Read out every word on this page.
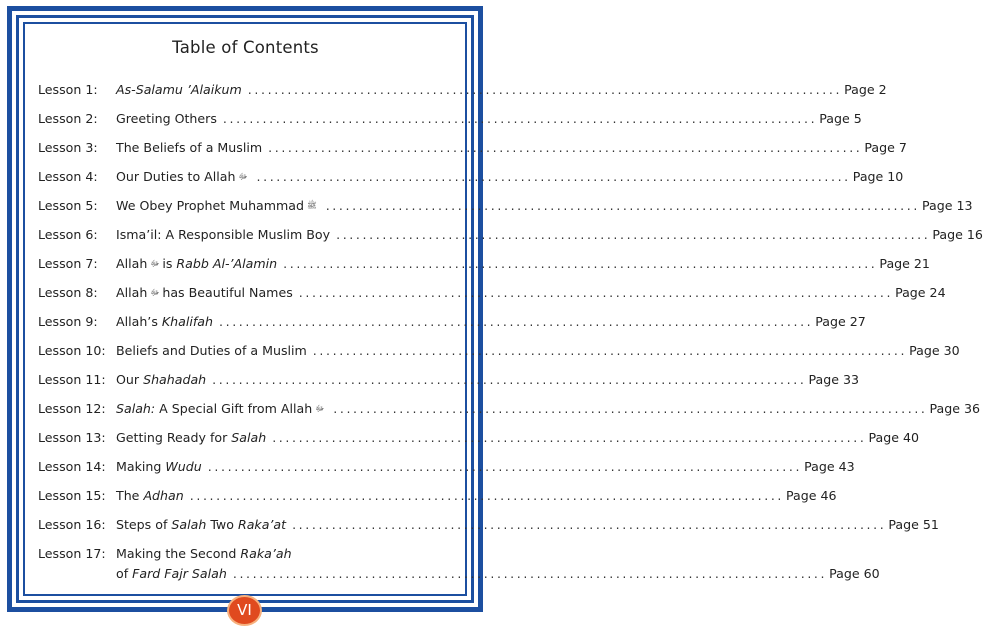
Table of Contents
Lesson 1: As-Salamu ’Alaikum .......................................................................................... Page 2
Lesson 2: Greeting Others .......................................................................................... Page 5
Lesson 3: The Beliefs of a Muslim .......................................................................................... Page 7
Lesson 4: Our Duties to Allah ﷻ .......................................................................................... Page 10
Lesson 5: We Obey Prophet Muhammad ﷺ .......................................................................................... Page 13
Lesson 6: Isma’il: A Responsible Muslim Boy .......................................................................................... Page 16
Lesson 7: Allah ﷻ is Rabb Al-’Alamin .......................................................................................... Page 21
Lesson 8: Allah ﷻ has Beautiful Names .......................................................................................... Page 24
Lesson 9: Allah’s Khalifah .......................................................................................... Page 27
Lesson 10: Beliefs and Duties of a Muslim .......................................................................................... Page 30
Lesson 11: Our Shahadah .......................................................................................... Page 33
Lesson 12: Salah: A Special Gift from Allah ﷻ .......................................................................................... Page 36
Lesson 13: Getting Ready for Salah .......................................................................................... Page 40
Lesson 14: Making Wudu .......................................................................................... Page 43
Lesson 15: The Adhan .......................................................................................... Page 46
Lesson 16: Steps of Salah Two Raka’at .......................................................................................... Page 51
Lesson 17: Making the Second Raka’ah
of Fard Fajr Salah .......................................................................................... Page 60
VI
